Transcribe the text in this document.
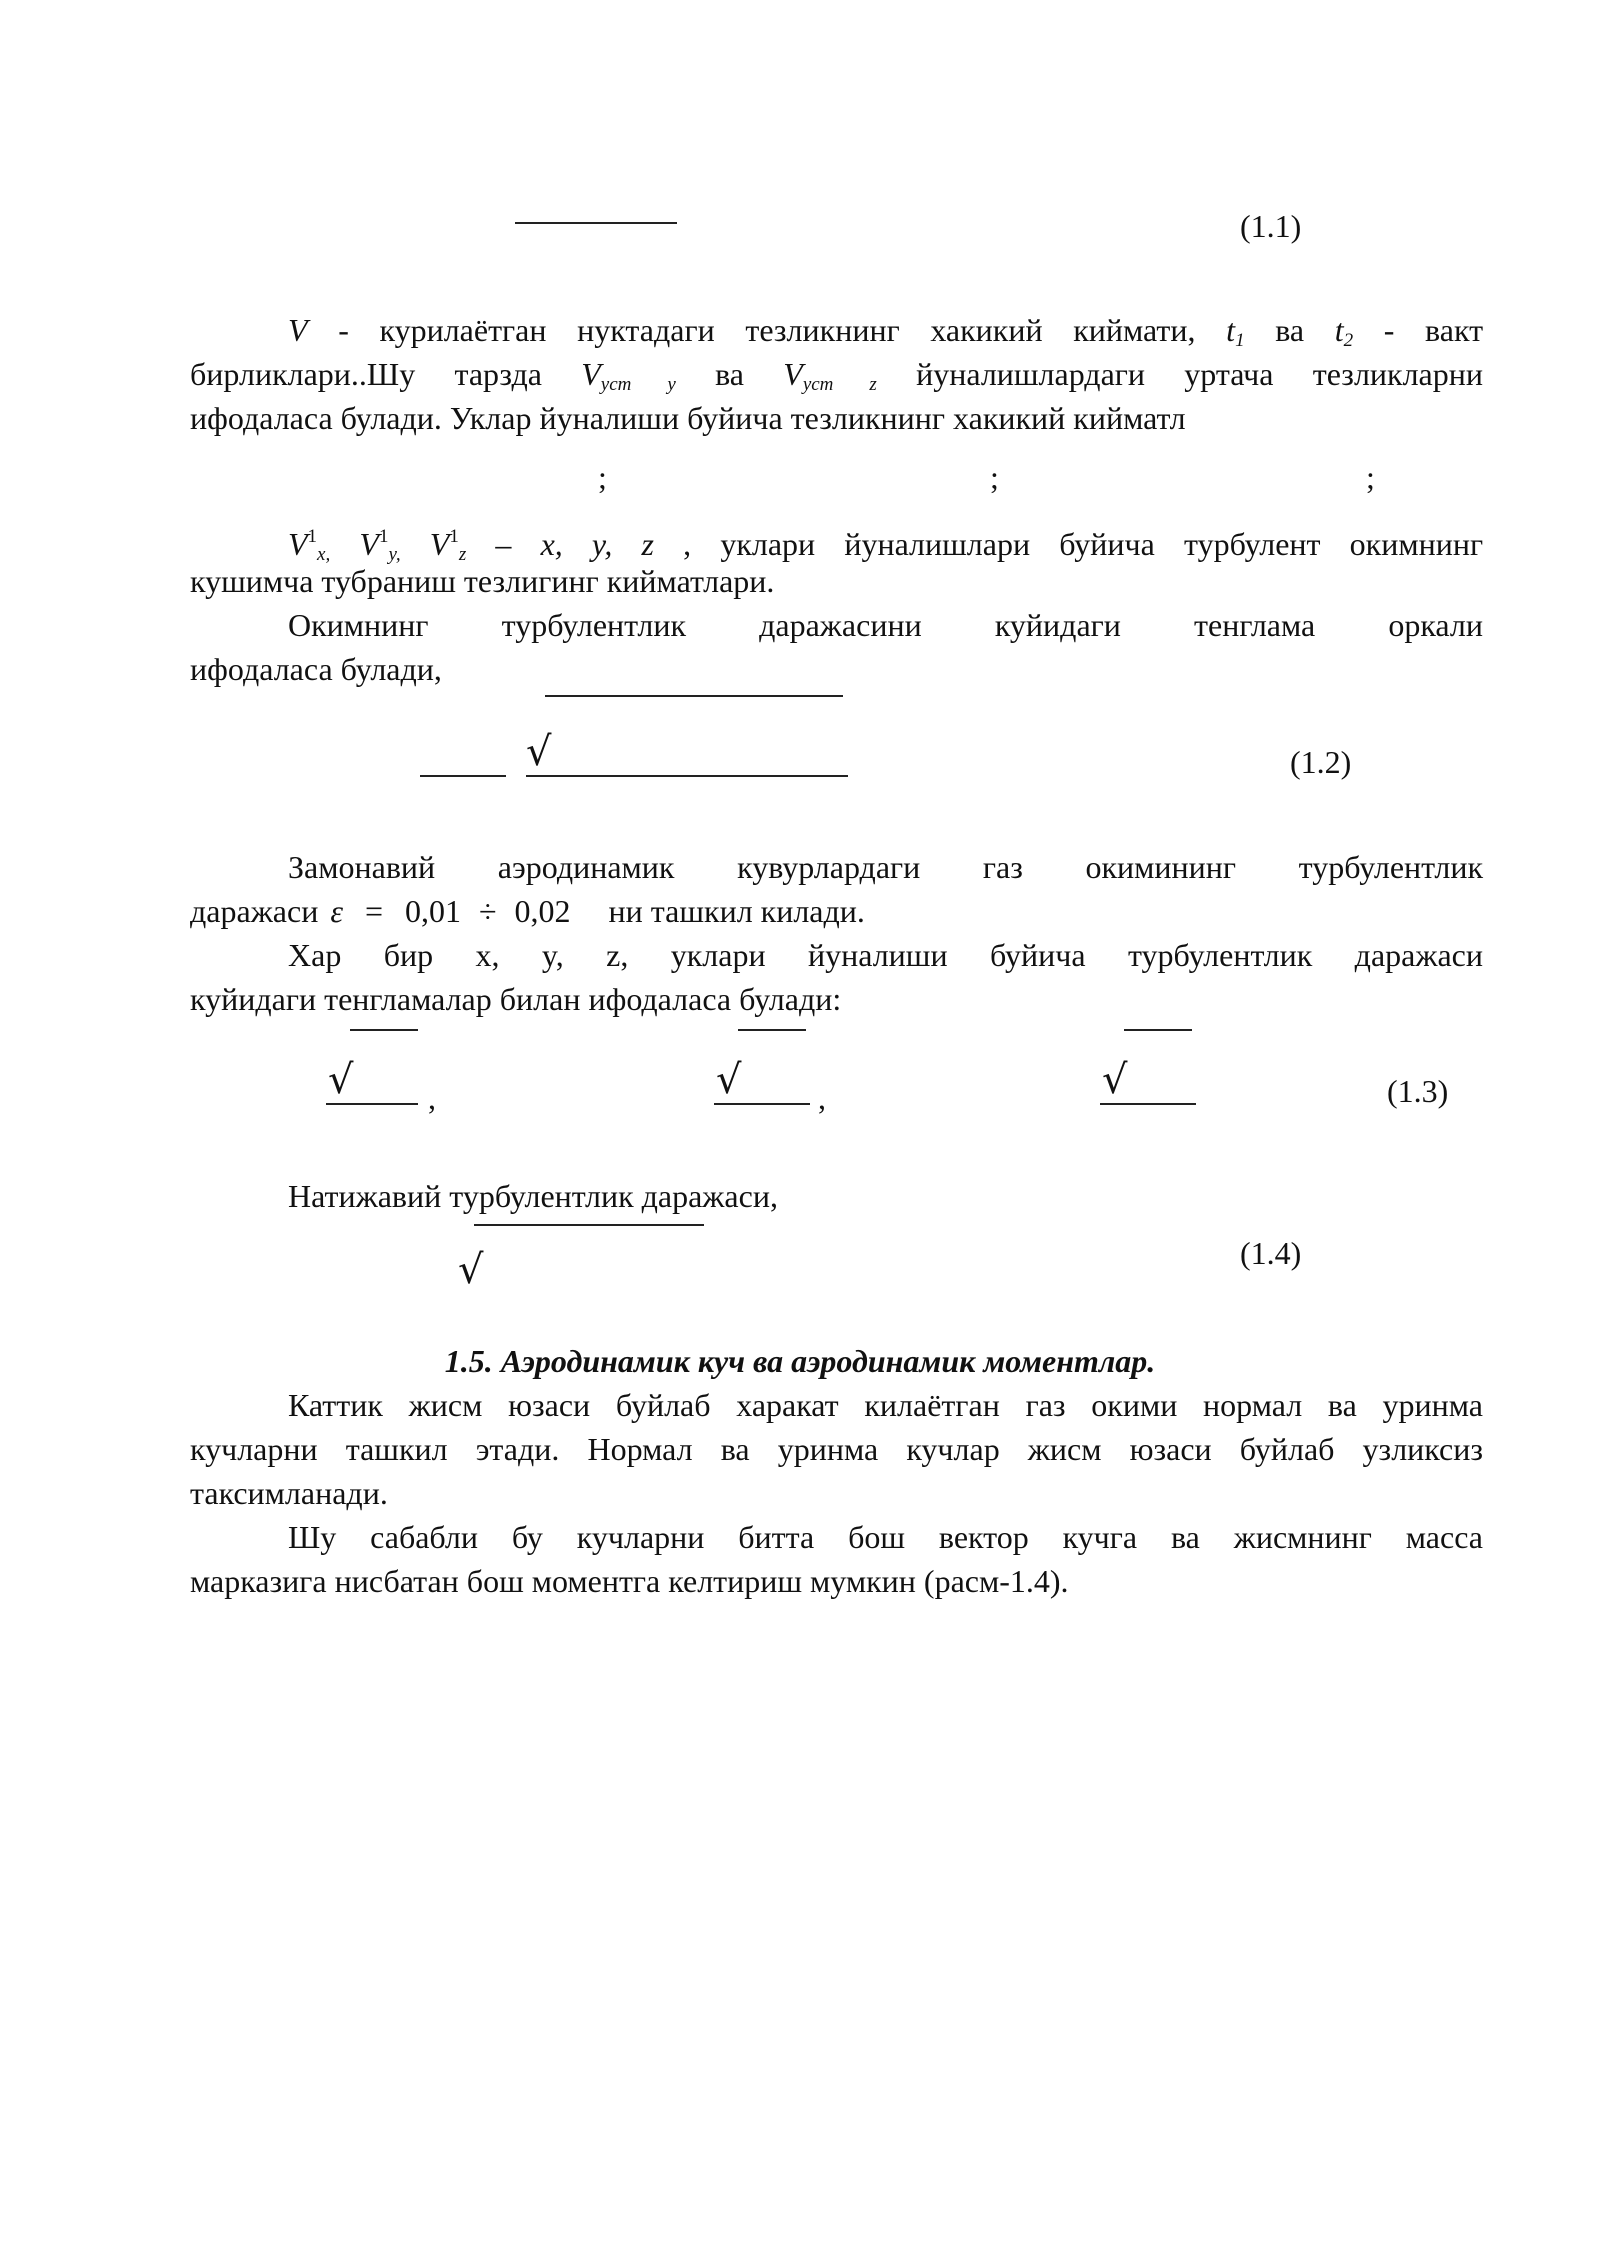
(1.1)
V - курилаётган нуктадаги тезликнинг хакикий киймати, $t_1$ ва $t_2$ - вакт
бирликлари..Шу тарзда $V_{уст у}$ ва $V_{уст z}$ йуналишлардаги уртача тезликларни
ифодаласа булади. Уклар йуналиши буйича тезликнинг хакикий кийматл
;	;	;
$V^1_{x,}$ $V^1_{y,}$ $V^1_z$ – x, y, z , уклари йуналишлари буйича турбулент окимнинг
кушимча тубраниш тезлигинг кийматлари.
Окимнинг турбулентлик даражасини куйидаги тенглама оркали
ифодаласа булади,
√	(1.2)
Замонавий аэродинамик кувурлардаги газ окимининг турбулентлик
даражаси ε = 0,01 ÷ 0,02 ни ташкил килади.
Хар бир x, y, z, уклари йуналиши буйича турбулентлик даражаси
куйидаги тенгламалар билан ифодаласа булади:
√ ,	√ ,	√	(1.3)
Натижавий турбулентлик даражаси,
√	(1.4)
1.5. Аэродинамик куч ва аэродинамик моментлар.
Каттик жисм юзаси буйлаб харакат килаётган газ окими нормал ва уринма
кучларни ташкил этади. Нормал ва уринма кучлар жисм юзаси буйлаб узликсиз
таксимланади.
Шу сабабли бу кучларни битта бош вектор кучга ва жисмнинг масса
марказига нисбатан бош моментга келтириш мумкин (расм-1.4).
